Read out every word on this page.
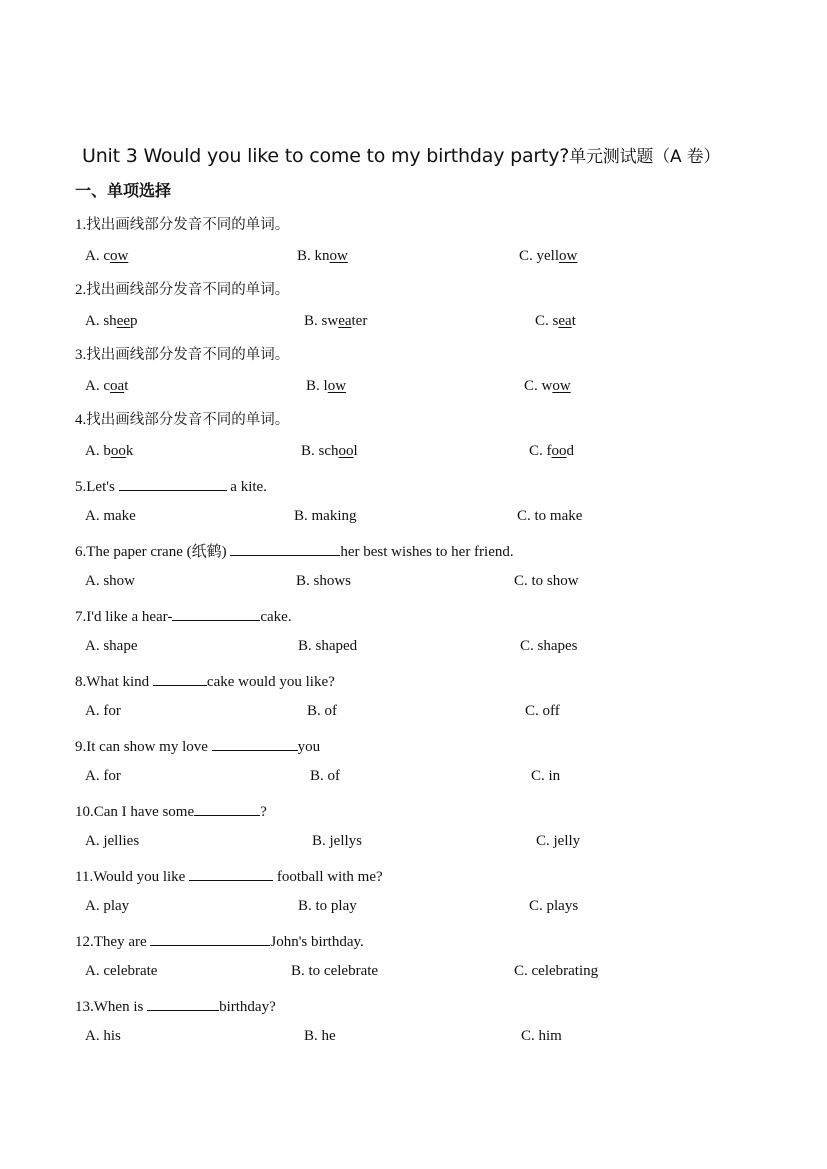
Unit 3 Would you like to come to my birthday party?单元测试题（A 卷）
一、单项选择
1.找出画线部分发音不同的单词。
A. cow	B. know	C. yellow
2.找出画线部分发音不同的单词。
A. sheep	B. sweater	C. seat
3.找出画线部分发音不同的单词。
A. coat	B. low	C. wow
4.找出画线部分发音不同的单词。
A. book	B. school	C. food
5.Let's	a kite.
A. make	B. making	C. to make
6.The paper crane (纸鹤)	her best wishes to her friend.
A. show	B. shows	C. to show
7.I'd like a hear-	cake.
A. shape	B. shaped	C. shapes
8.What kind	cake would you like?
A. for	B. of	C. off
9.It can show my love	you
A. for	B. of	C. in
10.Can I have some	?
A. jellies	B. jellys	C. jelly
11.Would you like	football with me?
A. play	B. to play	C. plays
12.They are	John's birthday.
A. celebrate	B. to celebrate	C. celebrating
13.When is	birthday?
A. his	B. he	C. him
